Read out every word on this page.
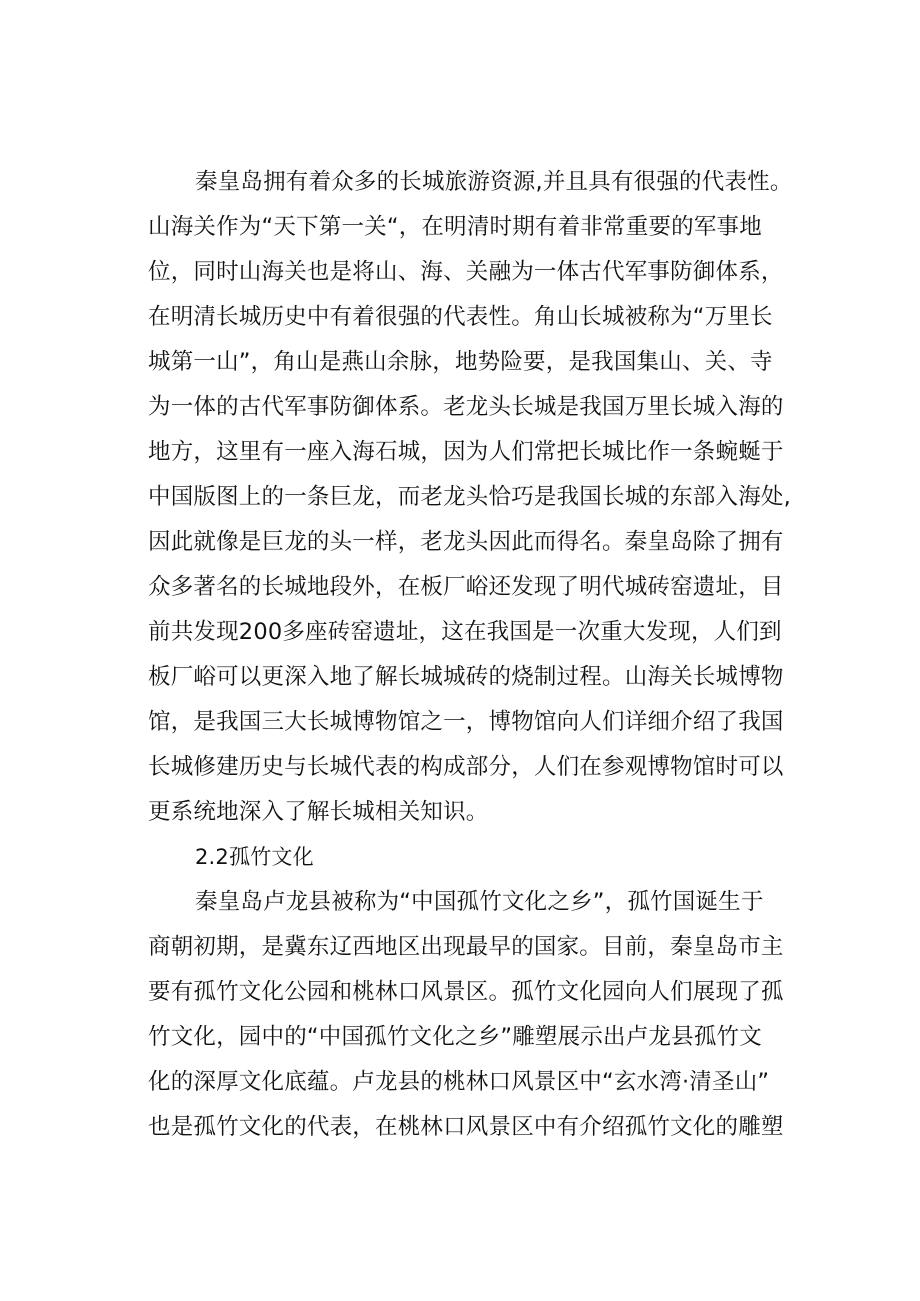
秦皇岛拥有着众多的长城旅游资源,并且具有很强的代表性。
山海关作为“天下第一关“，在明清时期有着非常重要的军事地
位，同时山海关也是将山、海、关融为一体古代军事防御体系，
在明清长城历史中有着很强的代表性。角山长城被称为“万里长
城第一山”，角山是燕山余脉，地势险要，是我国集山、关、寺
为一体的古代军事防御体系。老龙头长城是我国万里长城入海的
地方，这里有一座入海石城，因为人们常把长城比作一条蜿蜒于
中国版图上的一条巨龙，而老龙头恰巧是我国长城的东部入海处,
因此就像是巨龙的头一样，老龙头因此而得名。秦皇岛除了拥有
众多著名的长城地段外，在板厂峪还发现了明代城砖窑遗址，目
前共发现200多座砖窑遗址，这在我国是一次重大发现，人们到
板厂峪可以更深入地了解长城城砖的烧制过程。山海关长城博物
馆，是我国三大长城博物馆之一，博物馆向人们详细介绍了我国
长城修建历史与长城代表的构成部分，人们在参观博物馆时可以
更系统地深入了解长城相关知识。
2.2孤竹文化
秦皇岛卢龙县被称为“中国孤竹文化之乡”，孤竹国诞生于
商朝初期，是冀东辽西地区出现最早的国家。目前，秦皇岛市主
要有孤竹文化公园和桃林口风景区。孤竹文化园向人们展现了孤
竹文化，园中的“中国孤竹文化之乡”雕塑展示出卢龙县孤竹文
化的深厚文化底蕴。卢龙县的桃林口风景区中“玄水湾·清圣山”
也是孤竹文化的代表，在桃林口风景区中有介绍孤竹文化的雕塑
